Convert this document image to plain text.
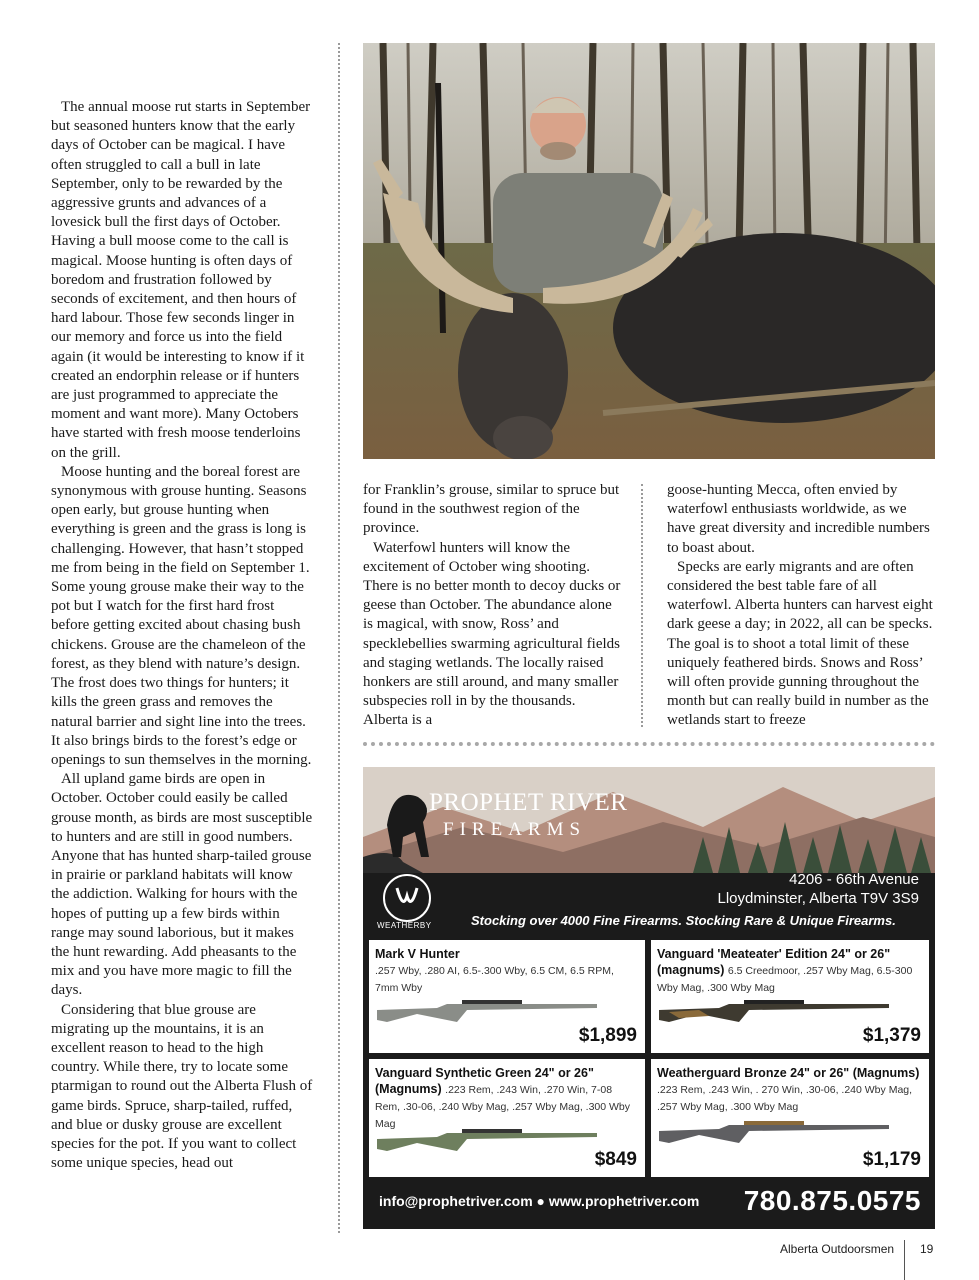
The annual moose rut starts in September but seasoned hunters know that the early days of October can be magical. I have often struggled to call a bull in late September, only to be rewarded by the aggressive grunts and advances of a lovesick bull the first days of October. Having a bull moose come to the call is magical. Moose hunting is often days of boredom and frustration followed by seconds of excitement, and then hours of hard labour. Those few seconds linger in our memory and force us into the field again (it would be interesting to know if it created an endorphin release or if hunters are just programmed to appreciate the moment and want more). Many Octobers have started with fresh moose tenderloins on the grill.

Moose hunting and the boreal forest are synonymous with grouse hunting. Seasons open early, but grouse hunting when everything is green and the grass is long is challenging. However, that hasn’t stopped me from being in the field on September 1. Some young grouse make their way to the pot but I watch for the first hard frost before getting excited about chasing bush chickens. Grouse are the chameleon of the forest, as they blend with nature’s design. The frost does two things for hunters; it kills the green grass and removes the natural barrier and sight line into the trees. It also brings birds to the forest’s edge or openings to sun themselves in the morning.

All upland game birds are open in October. October could easily be called grouse month, as birds are most susceptible to hunters and are still in good numbers. Anyone that has hunted sharp-tailed grouse in prairie or parkland habitats will know the addiction. Walking for hours with the hopes of putting up a few birds within range may sound laborious, but it makes the hunt rewarding. Add pheasants to the mix and you have more magic to fill the days.

Considering that blue grouse are migrating up the mountains, it is an excellent reason to head to the high country. While there, try to locate some ptarmigan to round out the Alberta Flush of game birds. Spruce, sharp-tailed, ruffed, and blue or dusky grouse are excellent species for the pot. If you want to collect some unique species, head out

for Franklin’s grouse, similar to spruce but found in the southwest region of the province.

Waterfowl hunters will know the excitement of October wing shooting. There is no better month to decoy ducks or geese than October. The abundance alone is magical, with snow, Ross’ and specklebellies swarming agricultural fields and staging wetlands. The locally raised honkers are still around, and many smaller subspecies roll in by the thousands. Alberta is a

goose-hunting Mecca, often envied by waterfowl enthusiasts worldwide, as we have great diversity and incredible numbers to boast about.

Specks are early migrants and are often considered the best table fare of all waterfowl. Alberta hunters can harvest eight dark geese a day; in 2022, all can be specks. The goal is to shoot a total limit of these uniquely feathered birds. Snows and Ross’ will often provide gunning throughout the month but can really build in number as the wetlands start to freeze

PROPHET RIVER
FIREARMS
WEATHERBY
4206 - 66th Avenue
Lloydminster, Alberta T9V 3S9
Stocking over 4000 Fine Firearms. Stocking Rare & Unique Firearms.
Mark V Hunter
.257 Wby, .280 AI, 6.5-.300 Wby, 6.5 CM, 6.5 RPM, 7mm Wby
$1,899
Vanguard 'Meateater' Edition 24" or 26" (magnums) 6.5 Creedmoor, .257 Wby Mag, 6.5-300 Wby Mag, .300 Wby Mag
$1,379
Vanguard Synthetic Green 24" or 26" (Magnums) .223 Rem, .243 Win, .270 Win, 7-08 Rem, .30-06, .240 Wby Mag, .257 Wby Mag, .300 Wby Mag
$849
Weatherguard Bronze 24" or 26" (Magnums)
.223 Rem, .243 Win, . 270 Win, .30-06, .240 Wby Mag, .257 Wby Mag, .300 Wby Mag
$1,179
info@prophetriver.com ● www.prophetriver.com 780.875.0575
Alberta Outdoorsmen 19
